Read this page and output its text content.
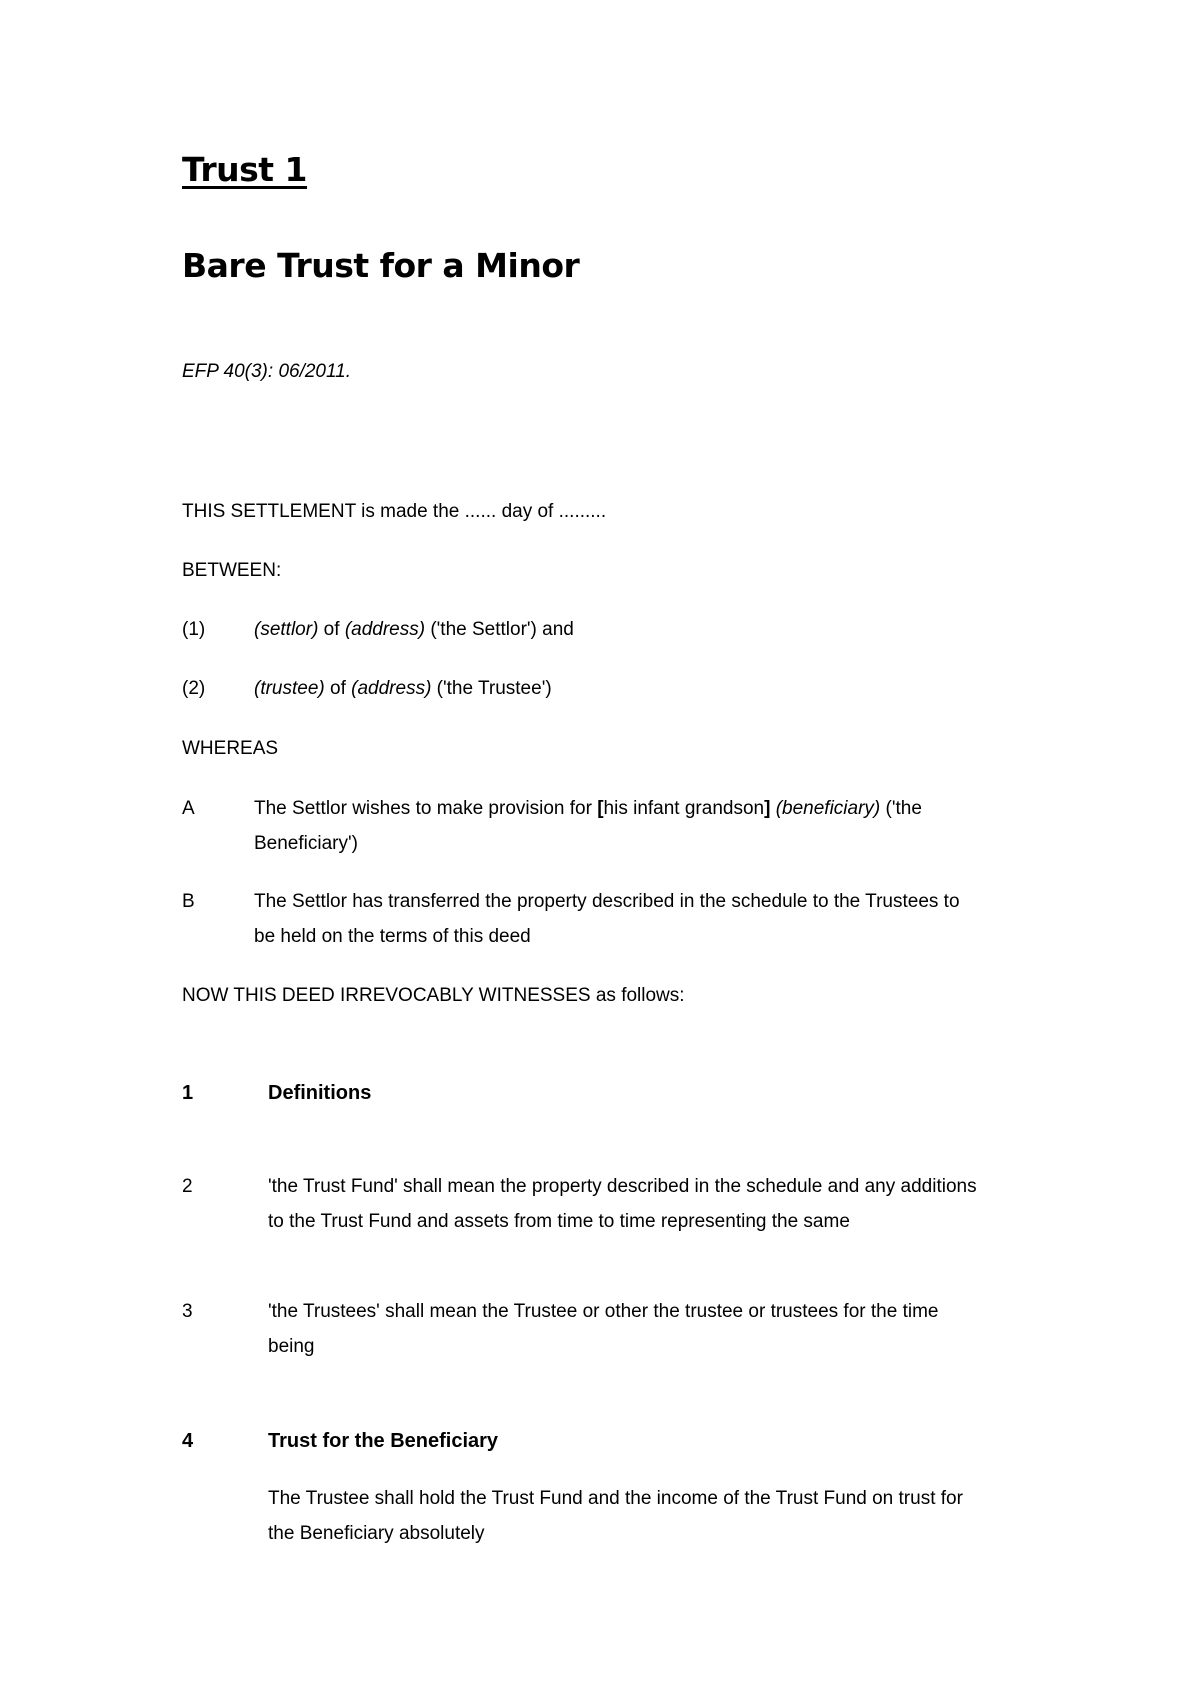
Trust 1
Bare Trust for a Minor
EFP 40(3): 06/2011.
THIS SETTLEMENT is made the ...... day of .........
BETWEEN:
(1)	(settlor) of (address) ('the Settlor') and
(2)	(trustee) of (address) ('the Trustee')
WHEREAS
A	The Settlor wishes to make provision for [his infant grandson] (beneficiary) ('the
Beneficiary')
B	The Settlor has transferred the property described in the schedule to the Trustees to
be held on the terms of this deed
NOW THIS DEED IRREVOCABLY WITNESSES as follows:
1	Definitions
2	'the Trust Fund' shall mean the property described in the schedule and any additions
to the Trust Fund and assets from time to time representing the same
3	'the Trustees' shall mean the Trustee or other the trustee or trustees for the time
being
4	Trust for the Beneficiary
The Trustee shall hold the Trust Fund and the income of the Trust Fund on trust for
the Beneficiary absolutely
